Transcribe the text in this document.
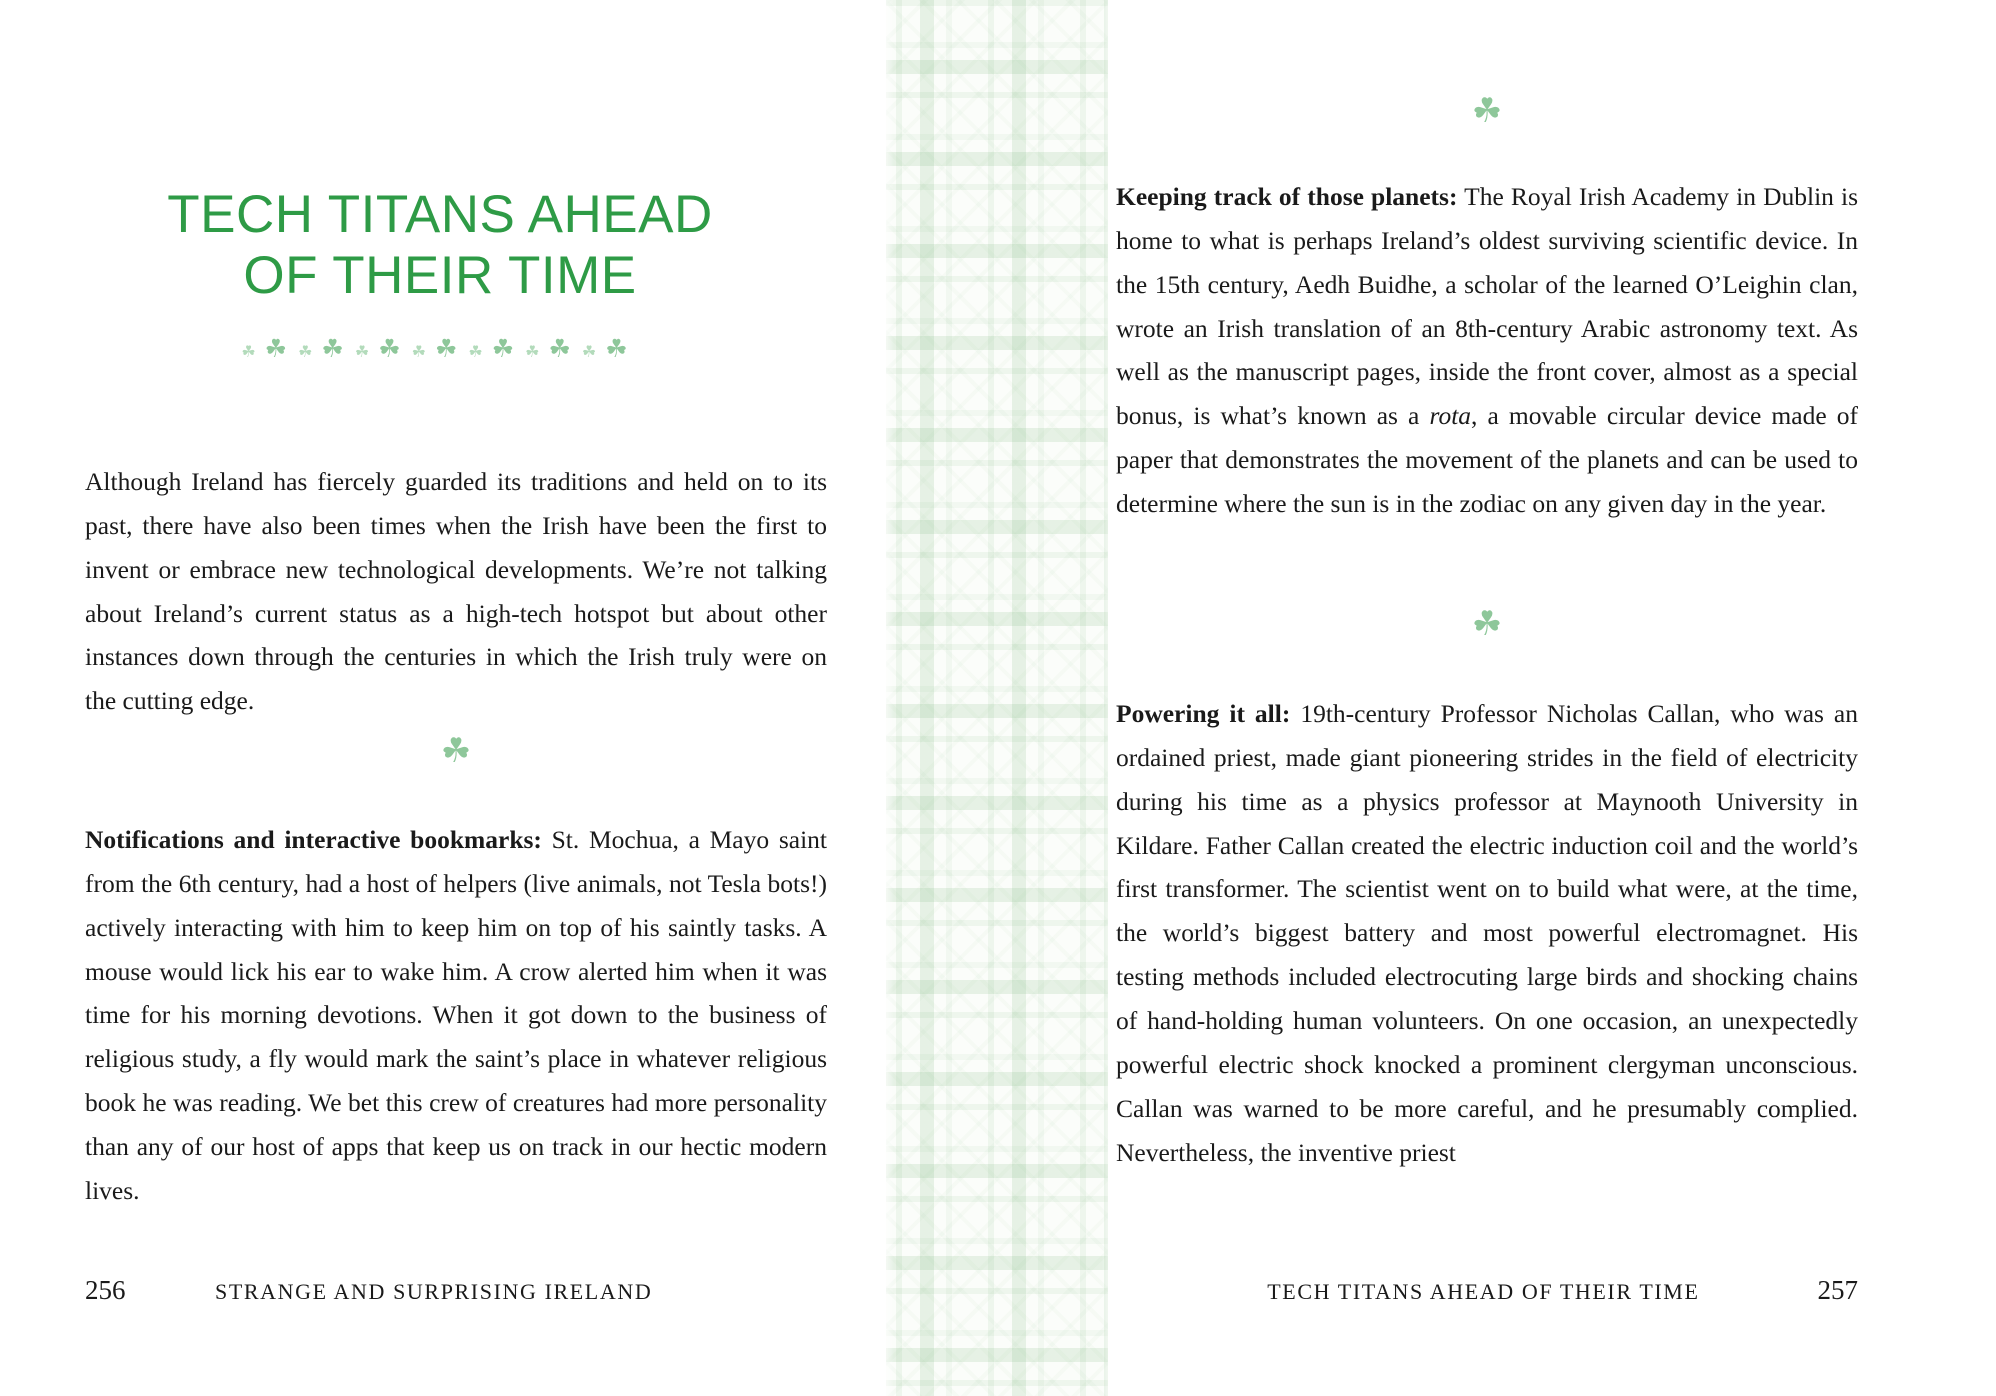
TECH TITANS AHEAD
OF THEIR TIME
☘☘☘☘☘☘☘☘☘☘☘☘☘☘

Although Ireland has fiercely guarded its traditions and held on to its past, there have also been times when the Irish have been the first to invent or embrace new technological developments. We’re not talking about Ireland’s current status as a high-tech hotspot but about other instances down through the centuries in which the Irish truly were on the cutting edge.

☘

Notifications and interactive bookmarks: St. Mochua, a Mayo saint from the 6th century, had a host of helpers (live animals, not Tesla bots!) actively interacting with him to keep him on top of his saintly tasks. A mouse would lick his ear to wake him. A crow alerted him when it was time for his morning devotions. When it got down to the business of religious study, a fly would mark the saint’s place in whatever religious book he was reading. We bet this crew of creatures had more personality than any of our host of apps that keep us on track in our hectic modern lives.

256	STRANGE AND SURPRISING IRELAND
☘

Keeping track of those planets: The Royal Irish Academy in Dublin is home to what is perhaps Ireland’s oldest surviving scientific device. In the 15th century, Aedh Buidhe, a scholar of the learned O’Leighin clan, wrote an Irish translation of an 8th-century Arabic astronomy text. As well as the manuscript pages, inside the front cover, almost as a special bonus, is what’s known as a rota, a movable circular device made of paper that demonstrates the movement of the planets and can be used to determine where the sun is in the zodiac on any given day in the year.

☘

Powering it all: 19th-century Professor Nicholas Callan, who was an ordained priest, made giant pioneering strides in the field of electricity during his time as a physics professor at Maynooth University in Kildare. Father Callan created the electric induction coil and the world’s first transformer. The scientist went on to build what were, at the time, the world’s biggest battery and most powerful electromagnet. His testing methods included electrocuting large birds and shocking chains of hand-holding human volunteers. On one occasion, an unexpectedly powerful electric shock knocked a prominent clergyman unconscious. Callan was warned to be more careful, and he presumably complied. Nevertheless, the inventive priest

TECH TITANS AHEAD OF THEIR TIME	257
